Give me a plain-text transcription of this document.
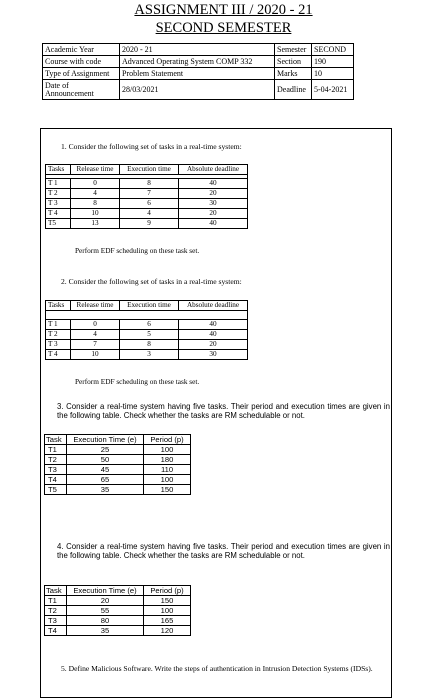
ASSIGNMENT III / 2020 - 21
SECOND SEMESTER
Academic Year	2020 - 21	Semester	SECOND
Course with code	Advanced Operating System COMP 332	Section	190
Type of Assignment	Problem Statement	Marks	10
Date of
Announcement	28/03/2021	Deadline	5-04-2021
1. Consider the following set of tasks in a real-time system:
Tasks	Release time	Execution time	Absolute deadline

T 1	0	8	40
T 2	4	7	20
T 3	8	6	30
T 4	10	4	20
T5	13	9	40
Perform EDF scheduling on these task set.
2. Consider the following set of tasks in a real-time system:
Tasks	Release time	Execution time	Absolute deadline

T 1	0	6	40
T 2	4	5	40
T 3	7	8	20
T 4	10	3	30
Perform EDF scheduling on these task set.
3. Consider a real-time system having five tasks. Their period and execution times are given in the following table. Check whether the tasks are RM schedulable or not.
Task	Execution Time (e)	Period (p)
T1	25	100
T2	50	180
T3	45	110
T4	65	100
T5	35	150
4. Consider a real-time system having five tasks. Their period and execution times are given in the following table. Check whether the tasks are RM schedulable or not.
Task	Execution Time (e)	Period (p)
T1	20	150
T2	55	100
T3	80	165
T4	35	120
5. Define Malicious Software. Write the steps of authentication in Intrusion Detection Systems (IDSs).
